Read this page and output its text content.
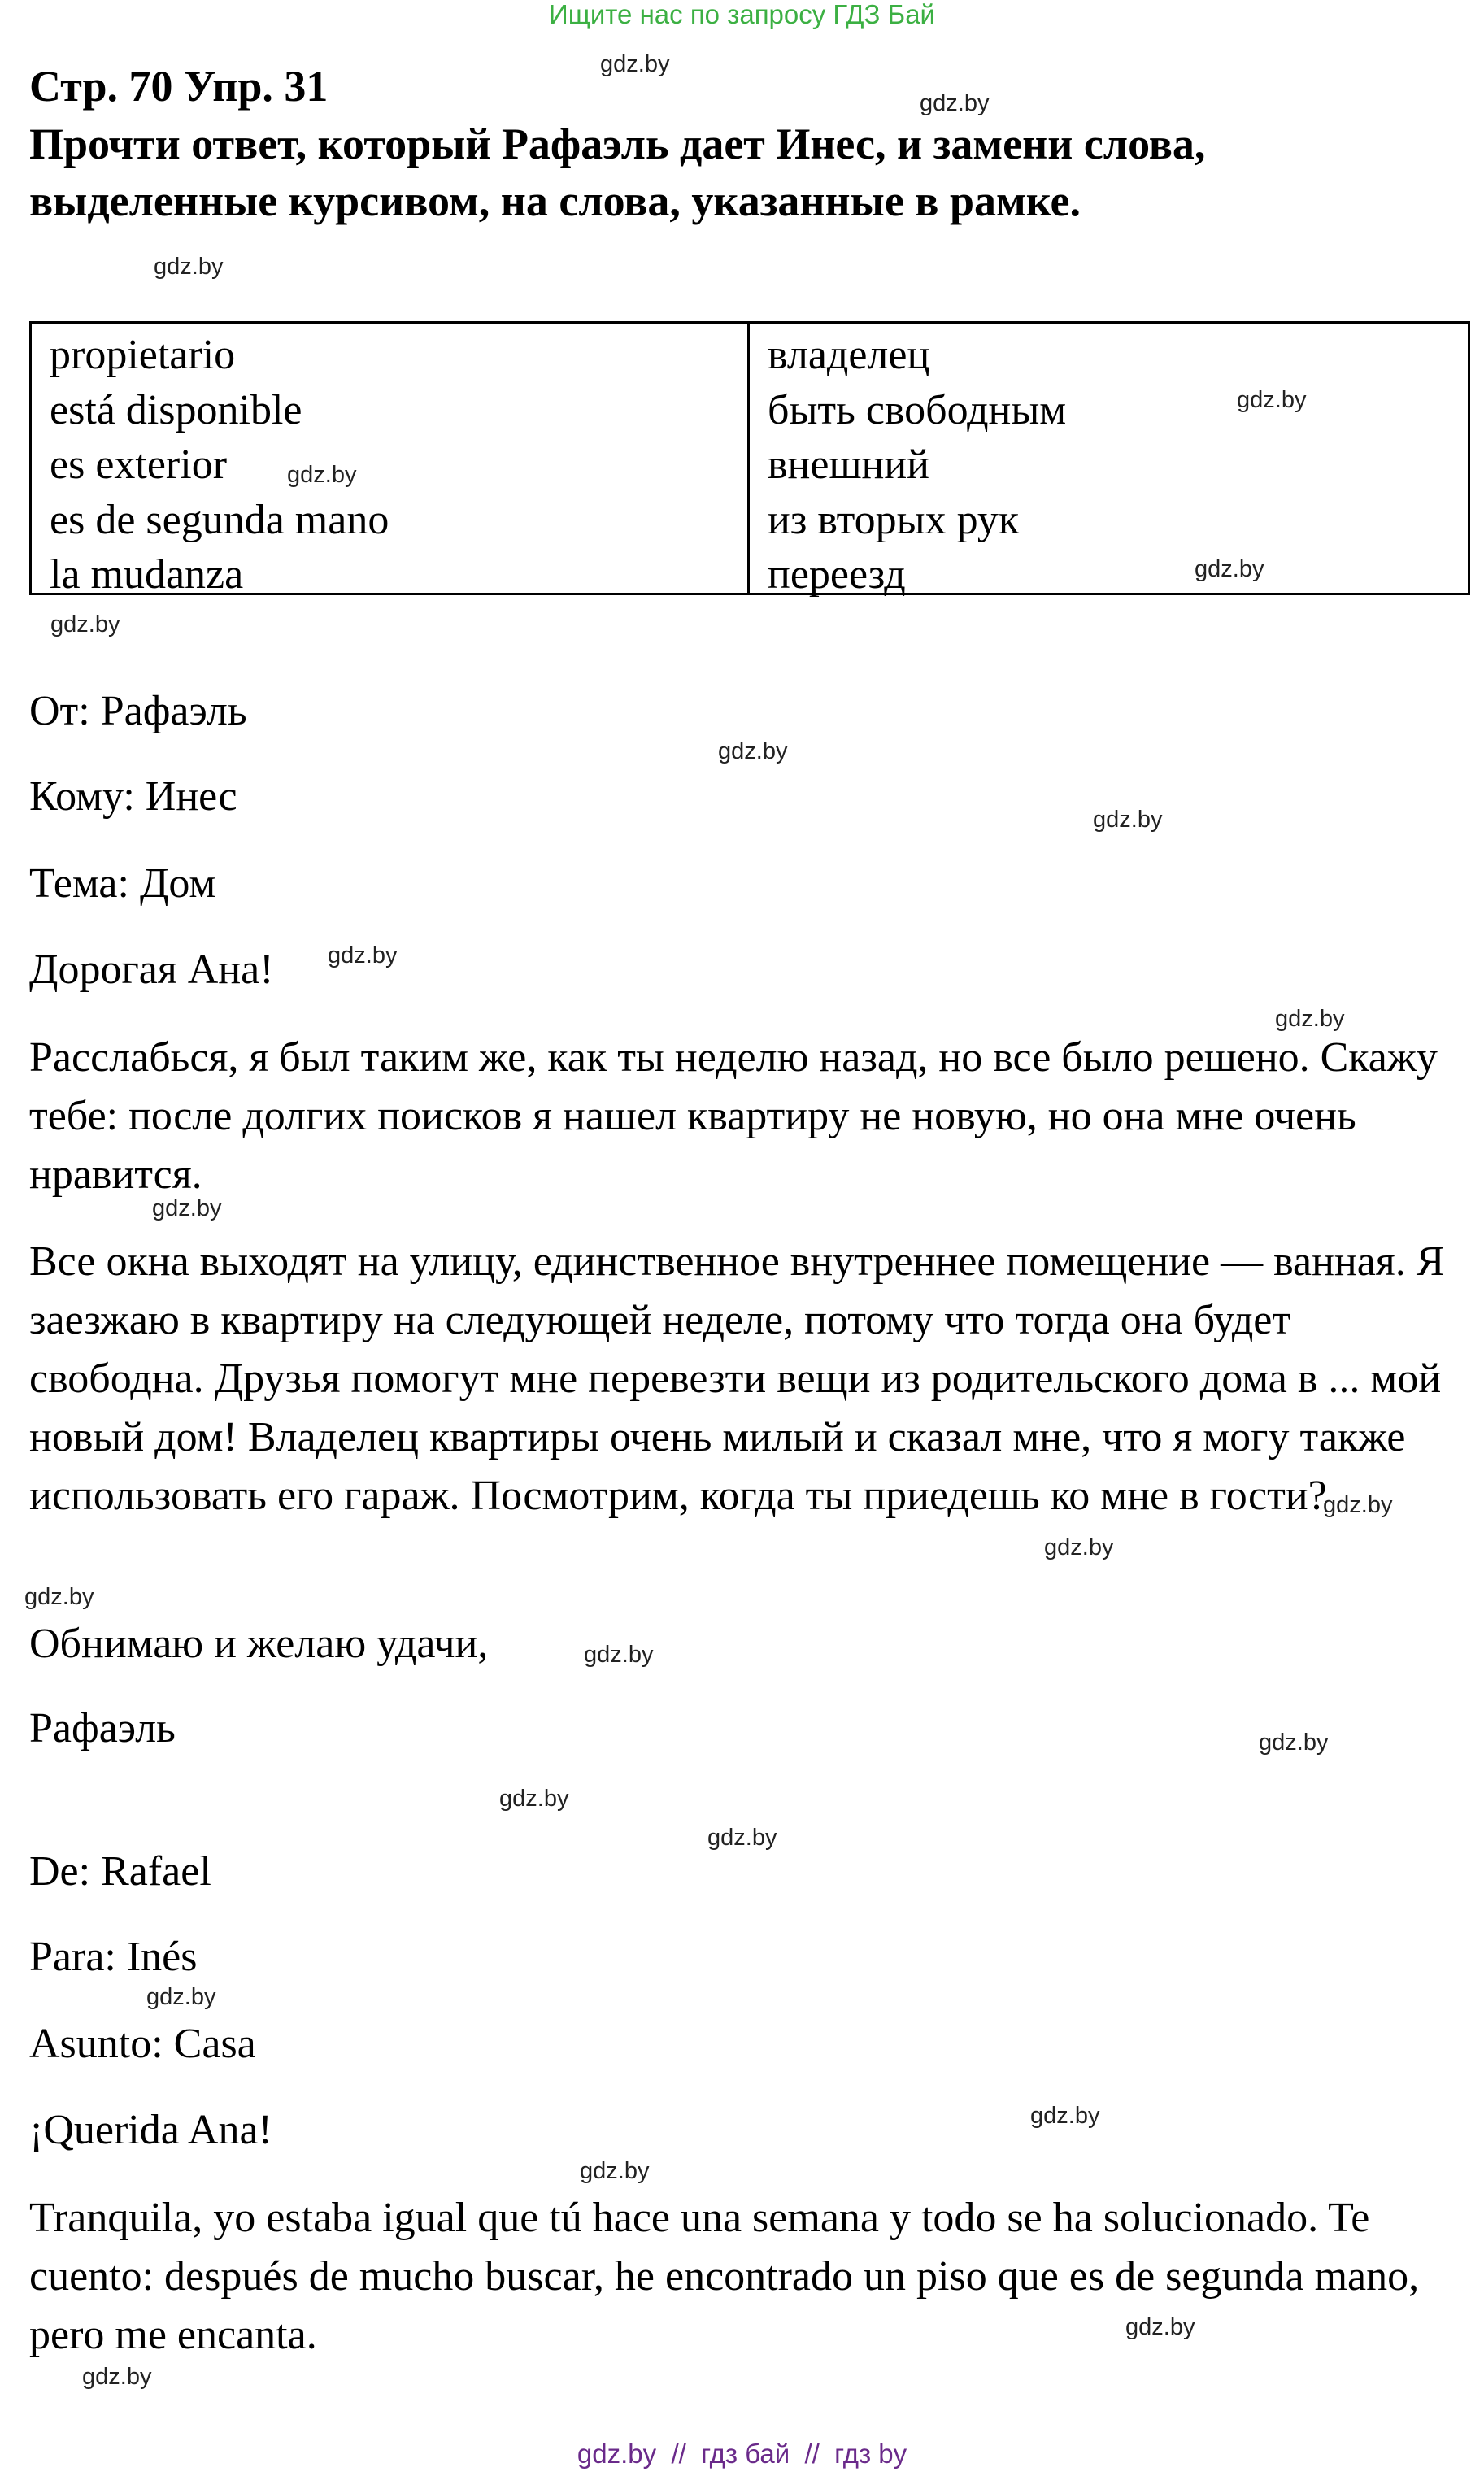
Ищите нас по запросу ГДЗ Бай
Стр. 70 Упр. 31
Прочти ответ, который Рафаэль дает Инес, и замени слова, выделенные курсивом, на слова, указанные в рамке.
propietario
está disponible
es exterior
es de segunda mano
la mudanza
владелец
быть свободным
внешний
из вторых рук
переезд
От: Рафаэль
Кому: Инес
Тема: Дом
Дорогая Ана!
Расслабься, я был таким же, как ты неделю назад, но все было решено. Скажу тебе: после долгих поисков я нашел квартиру не новую, но она мне очень нравится.
Все окна выходят на улицу, единственное внутреннее помещение — ванная. Я заезжаю в квартиру на следующей неделе, потому что тогда она будет свободна. Друзья помогут мне перевезти вещи из родительского дома в ... мой новый дом! Владелец квартиры очень милый и сказал мне, что я могу также использовать его гараж. Посмотрим, когда ты приедешь ко мне в гости?
Обнимаю и желаю удачи,
Рафаэль
De: Rafael
Para: Inés
Asunto: Casa
¡Querida Ana!
Tranquila, yo estaba igual que tú hace una semana y todo se ha solucionado. Te cuento: después de mucho buscar, he encontrado un piso que es de segunda mano, pero me encanta.
gdz.by
gdz.by
gdz.by
gdz.by
gdz.by
gdz.by
gdz.by
gdz.by
gdz.by
gdz.by
gdz.by
gdz.by
gdz.by
gdz.by
gdz.by
gdz.by
gdz.by
gdz.by
gdz.by
gdz.by
gdz.by
gdz.by
gdz.by
gdz.by
gdz.by  //  гдз бай  //  гдз by
